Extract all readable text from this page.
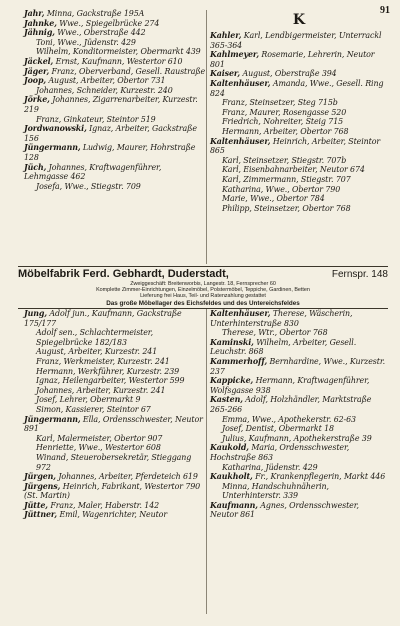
91
Jahr, Minna, Gackstraße 195A
Jahnke, Wwe., Spiegelbrücke 274
Jähnig, Wwe., Oberstraße 442
Toni, Wwe., Jüdenstr. 429
Wilhelm, Konditormeister, Obermarkt 439
Jäckel, Ernst, Kaufmann, Westertor 610
Jäger, Franz, Oberverband, Gesell. Raustraße
Joop, August, Arbeiter, Obertor 731
Johannes, Schneider, Kurzestr. 240
Jörke, Johannes, Zigarrenarbeiter, Kurzestr. 219
Franz, Ginkateur, Steintor 519
Jordwanowski, Ignaz, Arbeiter, Gackstraße 156
Jüngermann, Ludwig, Maurer, Hohrstraße 128
Jüch, Johannes, Kraftwagenführer, Lehmgasse 462
Josefa, Wwe., Stiegstr. 709
K
Kahler, Karl, Lendbigermeister, Unterrackl 365-364
Kahlmeyer, Rosemarie, Lehrerin, Neutor 801
Kaiser, August, Oberstraße 394
Kaltenhäuser, Amanda, Wwe., Gesell. Ring 824
Franz, Steinsetzer, Steg 715b
Franz, Maurer, Rosengasse 520
Friedrich, Nohreiter, Steig 715
Hermann, Arbeiter, Obertor 768
Kaltenhäuser, Heinrich, Arbeiter, Steintor 865
Karl, Steinsetzer, Stiegstr. 707b
Karl, Eisenbahnarbeiter, Neutor 674
Karl, Zimmermann, Stiegstr. 707
Katharina, Wwe., Obertor 790
Marie, Wwe., Obertor 784
Philipp, Steinsetzer, Obertor 768
Möbelfabrik Ferd. Gebhardt, Duderstadt,	Fernspr. 148
Zweiggeschäft: Breitenworbis, Langestr. 18, Fernsprecher 60
Komplette Zimmer-Einrichtungen, Einzelmöbel, Polstermöbel, Teppiche, Gardinen, Betten
Lieferung frei Haus, Teil- und Ratenzahlung gestattet
Das große Möbellager des Eichsfeldes und des Untereichsfeldes
Jung, Adolf jun., Kaufmann, Gackstraße 175/177
Adolf sen., Schlachtermeister, Spiegelbrücke 182/183
August, Arbeiter, Kurzestr. 241
Franz, Werkmeister, Kurzestr. 241
Hermann, Werkführer, Kurzestr. 239
Ignaz, Heilengarbeiter, Westertor 599
Johannes, Arbeiter, Kurzestr. 241
Josef, Lehrer, Obermarkt 9
Simon, Kassierer, Steintor 67
Jüngermann, Ella, Ordensschwester, Neutor 891
Karl, Malermeister, Obertor 907
Henriette, Wwe., Westertor 608
Winand, Steuerobersekretär, Stieggang 972
Jürgen, Johannes, Arbeiter, Pferdeteich 619
Jürgens, Heinrich, Fabrikant, Westertor 790 (St. Martin)
Jütte, Franz, Maler, Haberstr. 142
Jüttner, Emil, Wagenrichter, Neutor
Kaltenhäuser, Therese, Wäscherin, Unterhinterstraße 830
Therese, Wtr., Obertor 768
Kaminski, Wilhelm, Arbeiter, Gesell. Leuchstr. 868
Kammerhoff, Bernhardine, Wwe., Kurzestr. 237
Kappicke, Hermann, Kraftwagenführer, Wolfsgasse 938
Kasten, Adolf, Holzhändler, Marktstraße 265-266
Emma, Wwe., Apothekerstr. 62-63
Josef, Dentist, Obermarkt 18
Julius, Kaufmann, Apothekerstraße 39
Kaukold, Maria, Ordensschwester, Hochstraße 863
Katharina, Jüdenstr. 429
Kaukholt, Fr., Krankenpflegerin, Markt 446
Minna, Handschuhnäherin, Unterhinterstr. 339
Kaufmann, Agnes, Ordensschwester, Neutor 861
